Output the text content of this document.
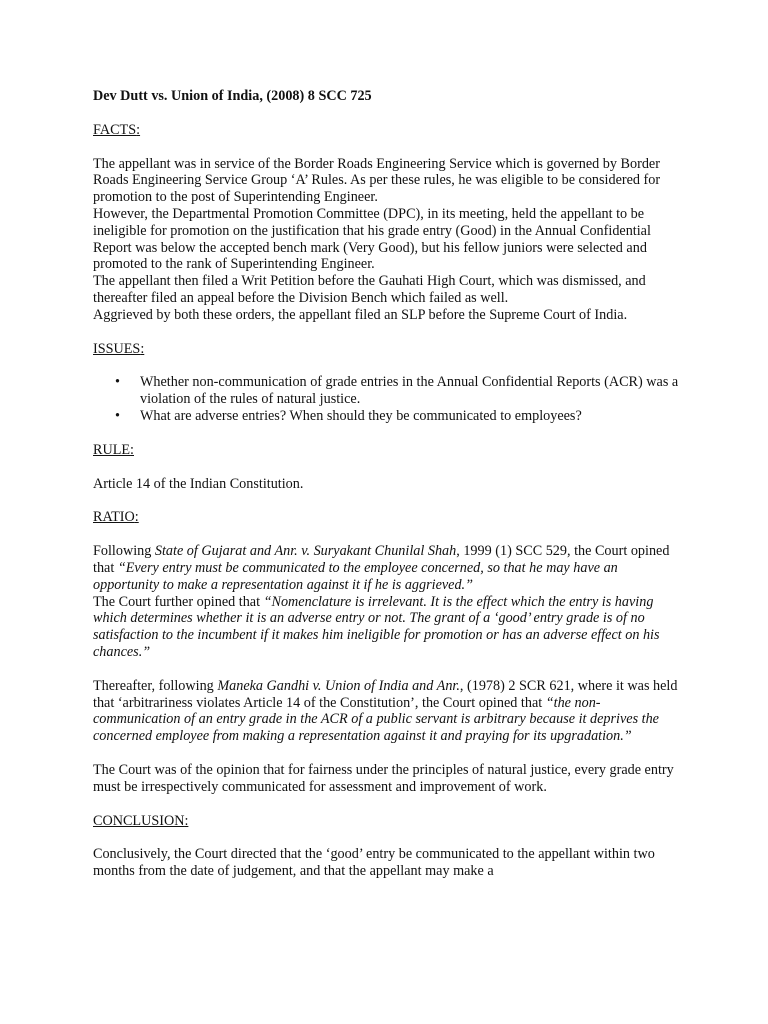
Dev Dutt vs. Union of India, (2008) 8 SCC 725
FACTS:

The appellant was in service of the Border Roads Engineering Service which is governed by Border Roads Engineering Service Group ‘A’ Rules. As per these rules, he was eligible to be considered for promotion to the post of Superintending Engineer.

However, the Departmental Promotion Committee (DPC), in its meeting, held the appellant to be ineligible for promotion on the justification that his grade entry (Good) in the Annual Confidential Report was below the accepted bench mark (Very Good), but his fellow juniors were selected and promoted to the rank of Superintending Engineer.

The appellant then filed a Writ Petition before the Gauhati High Court, which was dismissed, and thereafter filed an appeal before the Division Bench which failed as well.

Aggrieved by both these orders, the appellant filed an SLP before the Supreme Court of India.

ISSUES:
• Whether non-communication of grade entries in the Annual Confidential Reports (ACR) was a violation of the rules of natural justice.
• What are adverse entries? When should they be communicated to employees?
RULE:

Article 14 of the Indian Constitution.

RATIO:

Following State of Gujarat and Anr. v. Suryakant Chunilal Shah, 1999 (1) SCC 529, the Court opined that “Every entry must be communicated to the employee concerned, so that he may have an opportunity to make a representation against it if he is aggrieved.”

The Court further opined that “Nomenclature is irrelevant. It is the effect which the entry is having which determines whether it is an adverse entry or not. The grant of a ‘good’ entry grade is of no satisfaction to the incumbent if it makes him ineligible for promotion or has an adverse effect on his chances.”

Thereafter, following Maneka Gandhi v. Union of India and Anr., (1978) 2 SCR 621, where it was held that ‘arbitrariness violates Article 14 of the Constitution’, the Court opined that “the non-communication of an entry grade in the ACR of a public servant is arbitrary because it deprives the concerned employee from making a representation against it and praying for its upgradation.”

The Court was of the opinion that for fairness under the principles of natural justice, every grade entry must be irrespectively communicated for assessment and improvement of work.

CONCLUSION:

Conclusively, the Court directed that the ‘good’ entry be communicated to the appellant within two months from the date of judgement, and that the appellant may make a
